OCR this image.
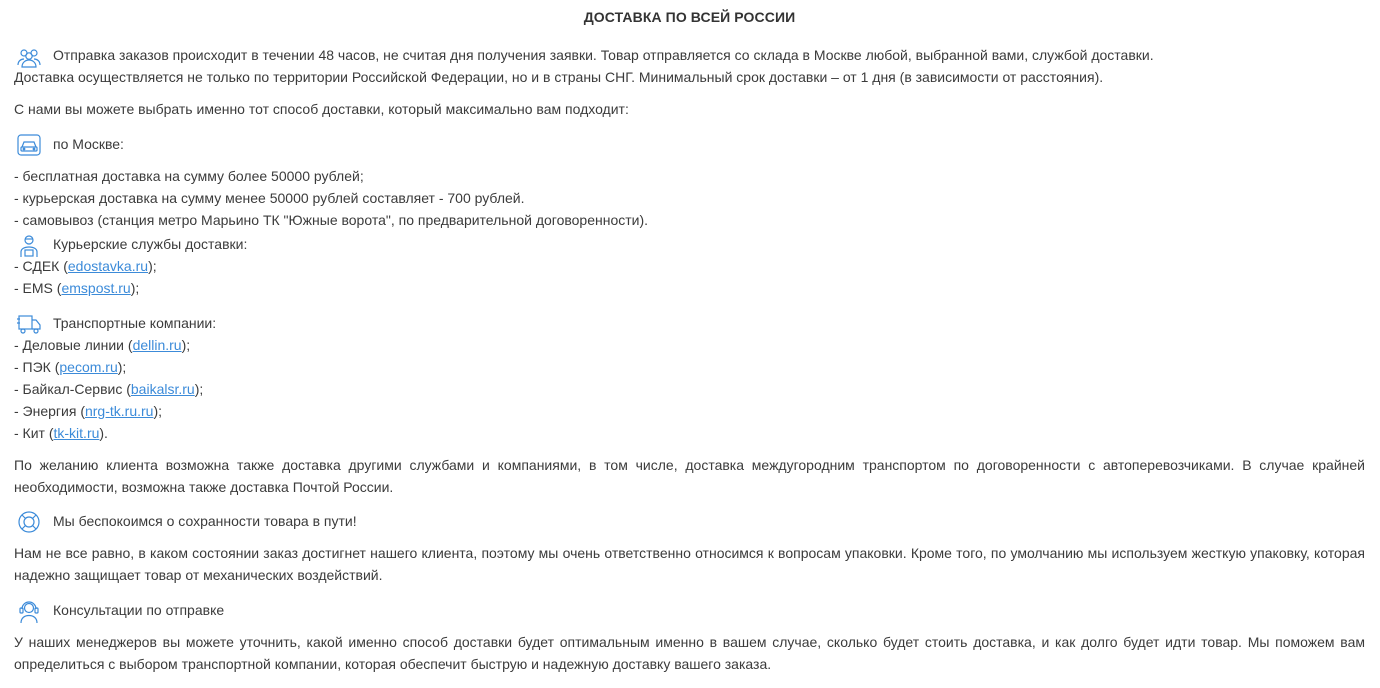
ДОСТАВКА ПО ВСЕЙ РОССИИ
Отправка заказов происходит в течении 48 часов, не считая дня получения заявки. Товар отправляется со склада в Москве любой, выбранной вами, службой доставки.
Доставка осуществляется не только по территории Российской Федерации, но и в страны СНГ. Минимальный срок доставки – от 1 дня (в зависимости от расстояния).
С нами вы можете выбрать именно тот способ доставки, который максимально вам подходит:
по Москве:
- бесплатная доставка на сумму более 50000 рублей;
- курьерская доставка на сумму менее 50000 рублей составляет - 700 рублей.
- самовывоз (станция метро Марьино ТК "Южные ворота", по предварительной договоренности).
Курьерские службы доставки:
- СДЕК (edostavka.ru);
- EMS (emspost.ru);
Транспортные компании:
- Деловые линии (dellin.ru);
- ПЭК (pecom.ru);
- Байкал-Сервис (baikalsr.ru);
- Энергия (nrg-tk.ru.ru);
- Кит (tk-kit.ru).
По желанию клиента возможна также доставка другими службами и компаниями, в том числе, доставка междугородним транспортом по договоренности с автоперевозчиками. В случае крайней необходимости, возможна также доставка Почтой России.
Мы беспокоимся о сохранности товара в пути!
Нам не все равно, в каком состоянии заказ достигнет нашего клиента, поэтому мы очень ответственно относимся к вопросам упаковки. Кроме того, по умолчанию мы используем жесткую упаковку, которая надежно защищает товар от механических воздействий.
Консультации по отправке
У наших менеджеров вы можете уточнить, какой именно способ доставки будет оптимальным именно в вашем случае, сколько будет стоить доставка, и как долго будет идти товар. Мы поможем вам определиться с выбором транспортной компании, которая обеспечит быструю и надежную доставку вашего заказа.
